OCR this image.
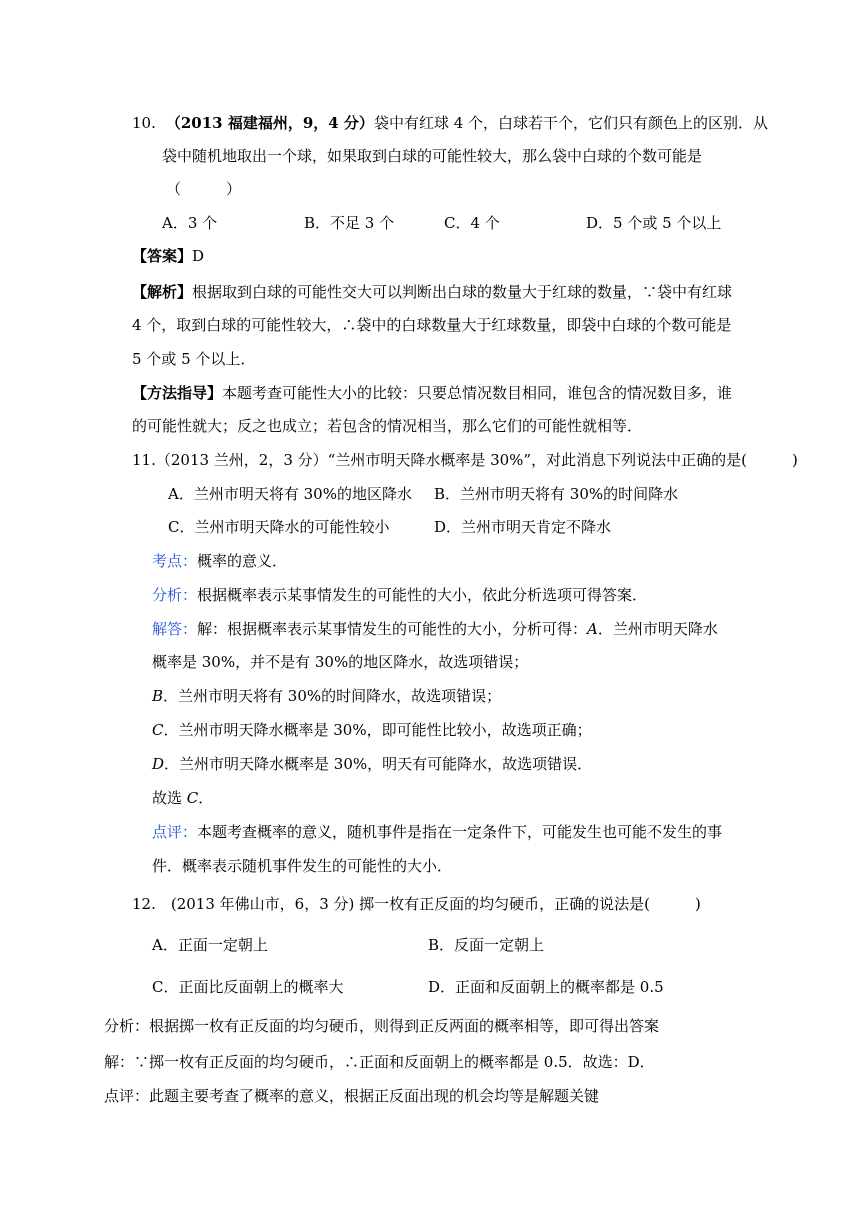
10. （2013 福建福州，9，4 分）袋中有红球 4 个，白球若干个，它们只有颜色上的区别．从
袋中随机地取出一个球，如果取到白球的可能性较大，那么袋中白球的个数可能是
（　　　）
A．3 个	B．不足 3 个	C．4 个	D．5 个或 5 个以上
【答案】D
【解析】根据取到白球的可能性交大可以判断出白球的数量大于红球的数量，∵袋中有红球
4 个，取到白球的可能性较大，∴袋中的白球数量大于红球数量，即袋中白球的个数可能是
5 个或 5 个以上．
【方法指导】本题考查可能性大小的比较：只要总情况数目相同，谁包含的情况数目多，谁
的可能性就大；反之也成立；若包含的情况相当，那么它们的可能性就相等．
11.（2013 兰州，2，3 分）“兰州市明天降水概率是 30%”，对此消息下列说法中正确的是(　　　)
A．兰州市明天将有 30%的地区降水 B．兰州市明天将有 30%的时间降水
C．兰州市明天降水的可能性较小	D．兰州市明天肯定不降水
考点：概率的意义．
分析：根据概率表示某事情发生的可能性的大小，依此分析选项可得答案．
解答：解：根据概率表示某事情发生的可能性的大小，分析可得：A．兰州市明天降水
概率是 30%，并不是有 30%的地区降水，故选项错误；
B．兰州市明天将有 30%的时间降水，故选项错误；
C．兰州市明天降水概率是 30%，即可能性比较小，故选项正确；
D．兰州市明天降水概率是 30%，明天有可能降水，故选项错误．
故选 C．
点评：本题考查概率的意义，随机事件是指在一定条件下，可能发生也可能不发生的事
件．概率表示随机事件发生的可能性的大小．
12.　(2013 年佛山市，6，3 分) 掷一枚有正反面的均匀硬币，正确的说法是(　　　)
A．正面一定朝上	B．反面一定朝上
C．正面比反面朝上的概率大	D．正面和反面朝上的概率都是 0.5
分析：根据掷一枚有正反面的均匀硬币，则得到正反两面的概率相等，即可得出答案
解：∵掷一枚有正反面的均匀硬币，∴正面和反面朝上的概率都是 0.5．故选：D．
点评：此题主要考查了概率的意义，根据正反面出现的机会均等是解题关键
